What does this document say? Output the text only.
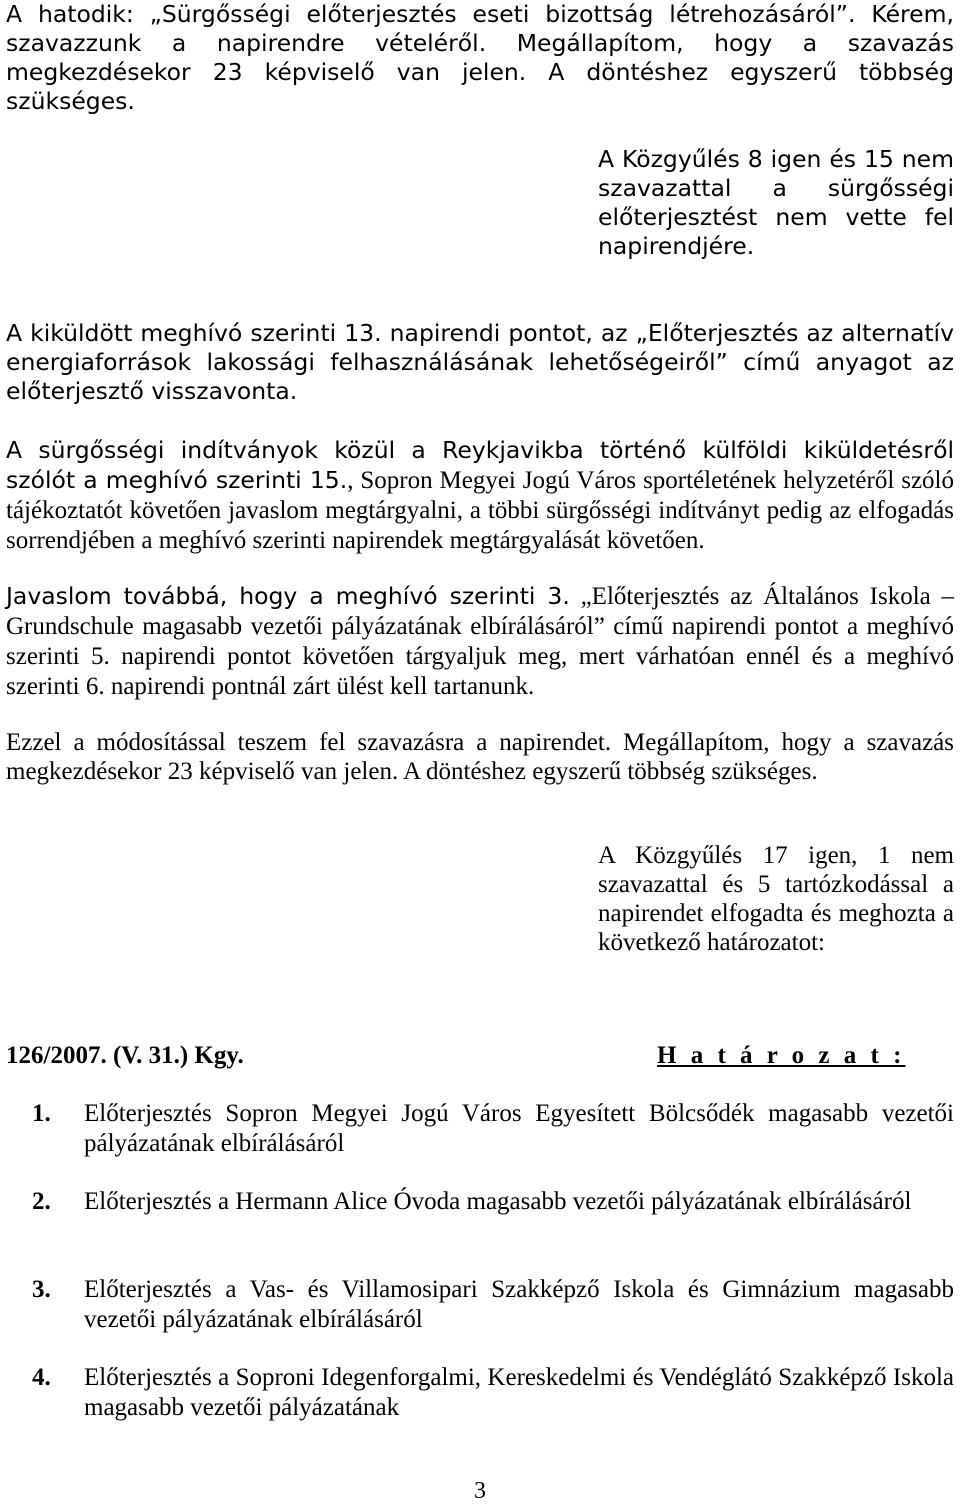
A hatodik: „Sürgősségi előterjesztés eseti bizottság létrehozásáról”. Kérem, szavazzunk a napirendre vételéről. Megállapítom, hogy a szavazás megkezdésekor 23 képviselő van jelen. A döntéshez egyszerű többség szükséges.

A Közgyűlés 8 igen és 15 nem szavazattal a sürgősségi előterjesztést nem vette fel napirendjére.

A kiküldött meghívó szerinti 13. napirendi pontot, az „Előterjesztés az alternatív energiaforrások lakossági felhasználásának lehetőségeiről” című anyagot az előterjesztő visszavonta.

A sürgősségi indítványok közül a Reykjavikba történő külföldi kiküldetésről szólót a meghívó szerinti 15., Sopron Megyei Jogú Város sportéletének helyzetéről szóló tájékoztatót követően javaslom megtárgyalni, a többi sürgősségi indítványt pedig az elfogadás sorrendjében a meghívó szerinti napirendek megtárgyalását követően.

Javaslom továbbá, hogy a meghívó szerinti 3. „Előterjesztés az Általános Iskola – Grundschule magasabb vezetői pályázatának elbírálásáról” című napirendi pontot a meghívó szerinti 5. napirendi pontot követően tárgyaljuk meg, mert várhatóan ennél és a meghívó szerinti 6. napirendi pontnál zárt ülést kell tartanunk.

Ezzel a módosítással teszem fel szavazásra a napirendet. Megállapítom, hogy a szavazás megkezdésekor 23 képviselő van jelen. A döntéshez egyszerű többség szükséges.

A Közgyűlés 17 igen, 1 nem szavazattal és 5 tartózkodással a napirendet elfogadta és meghozta a következő határozatot:

126/2007. (V. 31.) Kgy.	H a t á r o z a t :

1. Előterjesztés Sopron Megyei Jogú Város Egyesített Bölcsődék magasabb vezetői pályázatának elbírálásáról
2. Előterjesztés a Hermann Alice Óvoda magasabb vezetői pályázatának elbírálásáról
3. Előterjesztés a Vas- és Villamosipari Szakképző Iskola és Gimnázium magasabb vezetői pályázatának elbírálásáról
4. Előterjesztés a Soproni Idegenforgalmi, Kereskedelmi és Vendéglátó Szakképző Iskola magasabb vezetői pályázatának

3
